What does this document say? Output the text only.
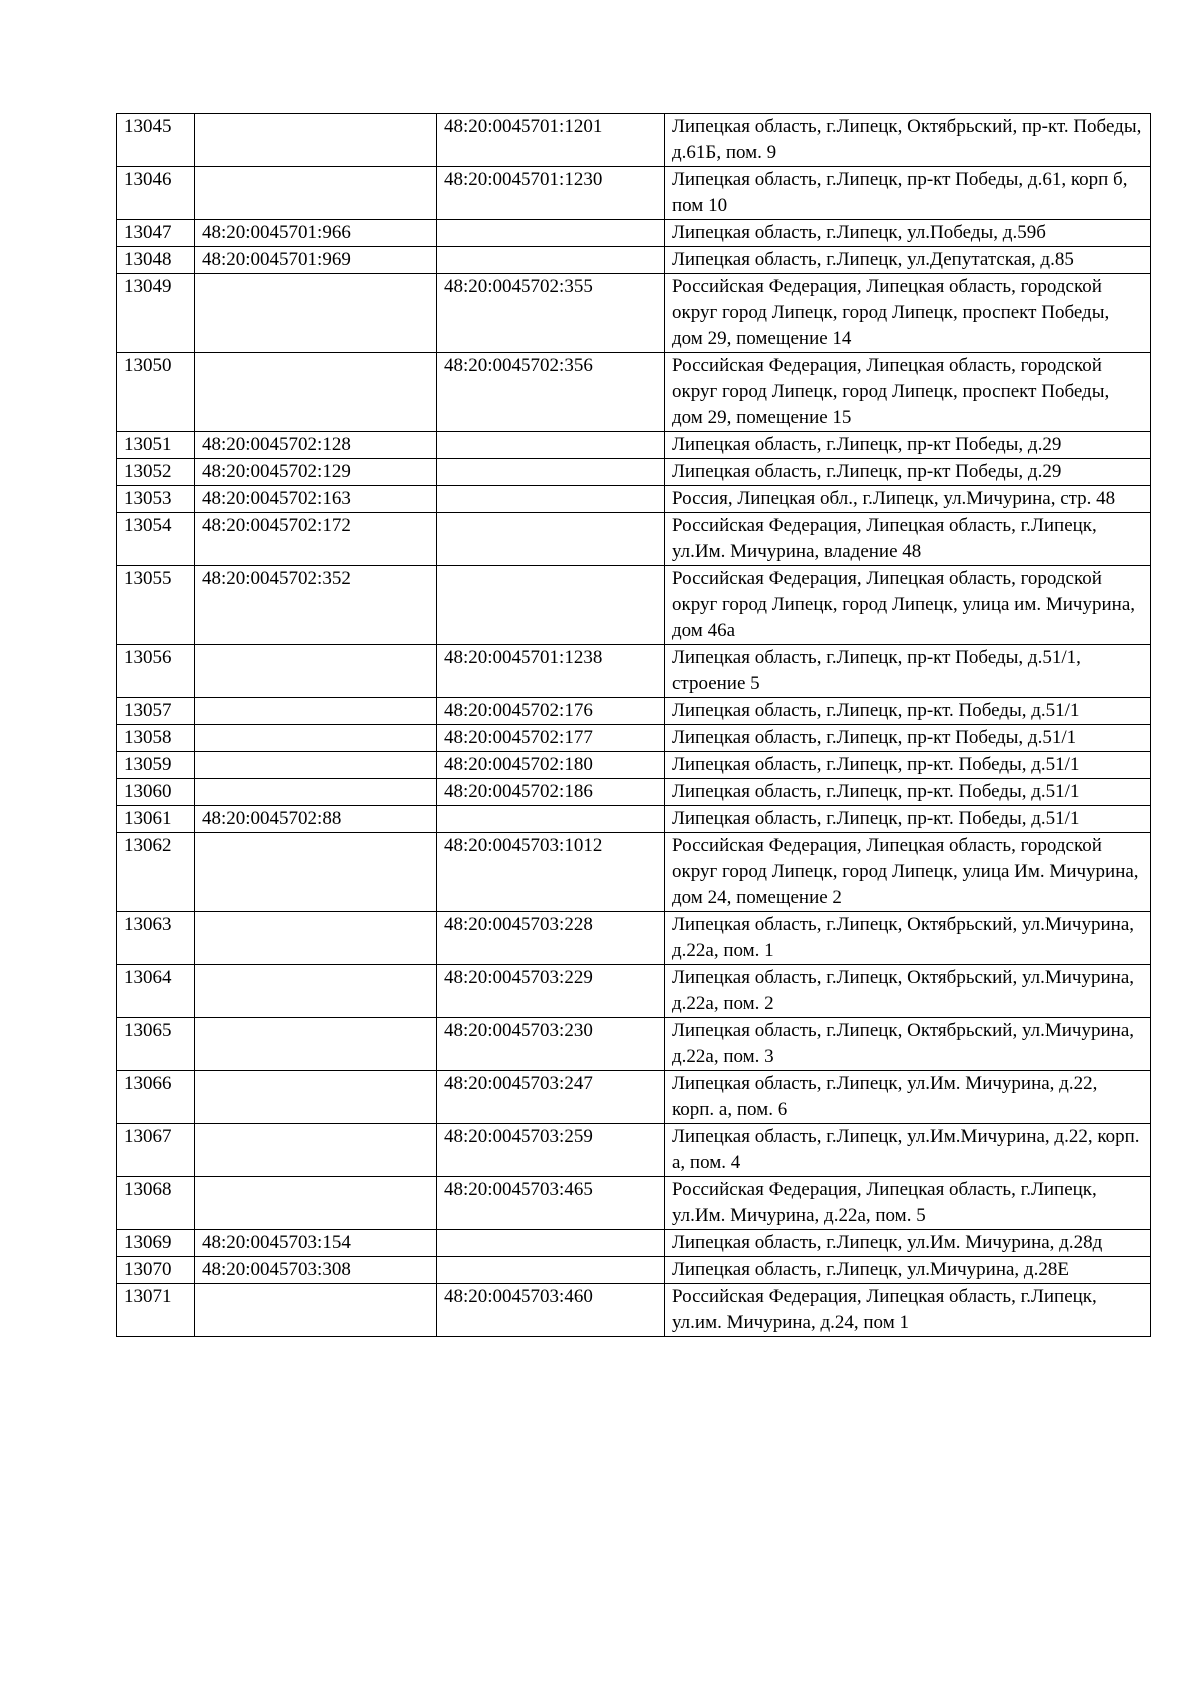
13045		48:20:0045701:1201	Липецкая область, г.Липецк, Октябрьский, пр-кт. Победы, д.61Б, пом. 9
13046		48:20:0045701:1230	Липецкая область, г.Липецк, пр-кт Победы, д.61, корп б, пом 10
13047	48:20:0045701:966		Липецкая область, г.Липецк, ул.Победы, д.59б
13048	48:20:0045701:969		Липецкая область, г.Липецк, ул.Депутатская, д.85
13049		48:20:0045702:355	Российская Федерация, Липецкая область, городской округ город Липецк, город Липецк, проспект Победы, дом 29, помещение 14
13050		48:20:0045702:356	Российская Федерация, Липецкая область, городской округ город Липецк, город Липецк, проспект Победы, дом 29, помещение 15
13051	48:20:0045702:128		Липецкая область, г.Липецк, пр-кт Победы, д.29
13052	48:20:0045702:129		Липецкая область, г.Липецк, пр-кт Победы, д.29
13053	48:20:0045702:163		Россия, Липецкая обл., г.Липецк, ул.Мичурина, стр. 48
13054	48:20:0045702:172		Российская Федерация, Липецкая область, г.Липецк, ул.Им. Мичурина, владение 48
13055	48:20:0045702:352		Российская Федерация, Липецкая область, городской округ город Липецк, город Липецк, улица им. Мичурина, дом 46а
13056		48:20:0045701:1238	Липецкая область, г.Липецк, пр-кт Победы, д.51/1, строение 5
13057		48:20:0045702:176	Липецкая область, г.Липецк, пр-кт. Победы, д.51/1
13058		48:20:0045702:177	Липецкая область, г.Липецк, пр-кт Победы, д.51/1
13059		48:20:0045702:180	Липецкая область, г.Липецк, пр-кт. Победы, д.51/1
13060		48:20:0045702:186	Липецкая область, г.Липецк, пр-кт. Победы, д.51/1
13061	48:20:0045702:88		Липецкая область, г.Липецк, пр-кт. Победы, д.51/1
13062		48:20:0045703:1012	Российская Федерация, Липецкая область, городской округ город Липецк, город Липецк, улица Им. Мичурина, дом 24, помещение 2
13063		48:20:0045703:228	Липецкая область, г.Липецк, Октябрьский, ул.Мичурина, д.22а, пом. 1
13064		48:20:0045703:229	Липецкая область, г.Липецк, Октябрьский, ул.Мичурина, д.22а, пом. 2
13065		48:20:0045703:230	Липецкая область, г.Липецк, Октябрьский, ул.Мичурина, д.22а, пом. 3
13066		48:20:0045703:247	Липецкая область, г.Липецк, ул.Им. Мичурина, д.22, корп. а, пом. 6
13067		48:20:0045703:259	Липецкая область, г.Липецк, ул.Им.Мичурина, д.22, корп. а, пом. 4
13068		48:20:0045703:465	Российская Федерация, Липецкая область, г.Липецк, ул.Им. Мичурина, д.22а, пом. 5
13069	48:20:0045703:154		Липецкая область, г.Липецк, ул.Им. Мичурина, д.28д
13070	48:20:0045703:308		Липецкая область, г.Липецк, ул.Мичурина, д.28Е
13071		48:20:0045703:460	Российская Федерация, Липецкая область, г.Липецк, ул.им. Мичурина, д.24, пом 1
